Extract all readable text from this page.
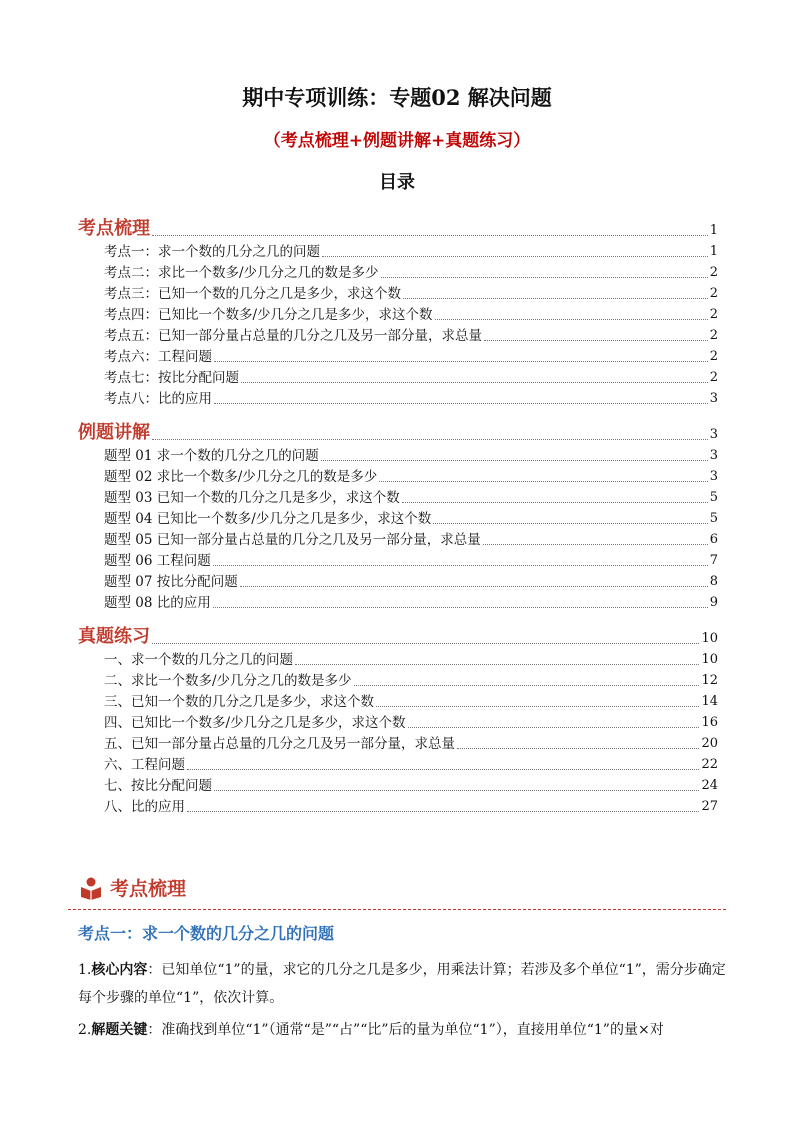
期中专项训练：专题02 解决问题
（考点梳理+例题讲解+真题练习）
目录
考点梳理	1
考点一：求一个数的几分之几的问题	1
考点二：求比一个数多/少几分之几的数是多少	2
考点三：已知一个数的几分之几是多少，求这个数	2
考点四：已知比一个数多/少几分之几是多少，求这个数	2
考点五：已知一部分量占总量的几分之几及另一部分量，求总量	2
考点六：工程问题	2
考点七：按比分配问题	2
考点八：比的应用	3
例题讲解	3
题型 01 求一个数的几分之几的问题	3
题型 02 求比一个数多/少几分之几的数是多少	3
题型 03 已知一个数的几分之几是多少，求这个数	5
题型 04 已知比一个数多/少几分之几是多少，求这个数	5
题型 05 已知一部分量占总量的几分之几及另一部分量，求总量	6
题型 06 工程问题	7
题型 07 按比分配问题	8
题型 08 比的应用	9
真题练习	10
一、求一个数的几分之几的问题	10
二、求比一个数多/少几分之几的数是多少	12
三、已知一个数的几分之几是多少，求这个数	14
四、已知比一个数多/少几分之几是多少，求这个数	16
五、已知一部分量占总量的几分之几及另一部分量，求总量	20
六、工程问题	22
七、按比分配问题	24
八、比的应用	27
考点梳理
考点一：求一个数的几分之几的问题
1.核心内容：已知单位“1”的量，求它的几分之几是多少，用乘法计算；若涉及多个单位“1”，需分步确定每个步骤的单位“1”，依次计算。
2.解题关键：准确找到单位“1”（通常“是”“占”“比”后的量为单位“1”），直接用单位“1”的量×对
